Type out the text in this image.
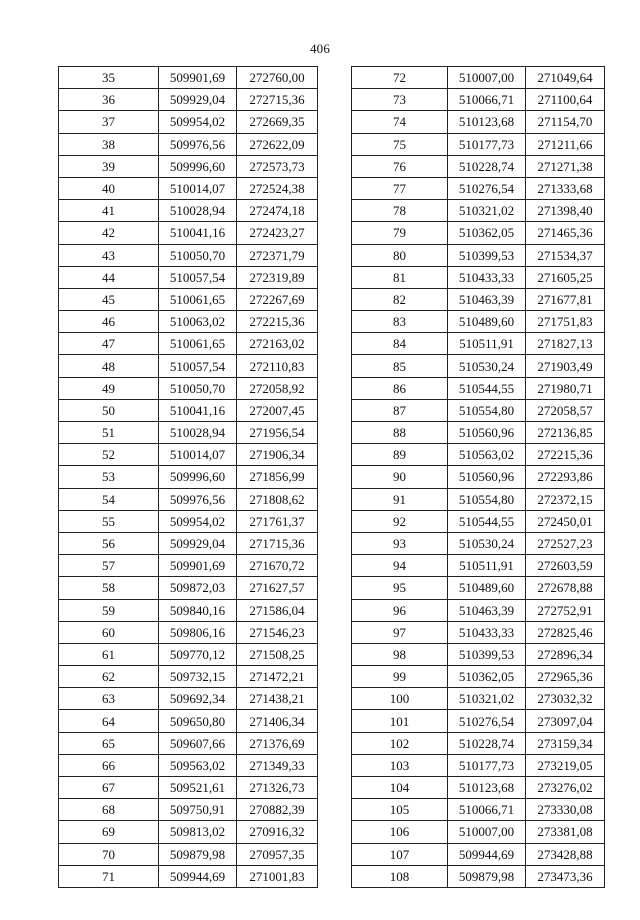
406
35	509901,69	272760,00
36	509929,04	272715,36
37	509954,02	272669,35
38	509976,56	272622,09
39	509996,60	272573,73
40	510014,07	272524,38
41	510028,94	272474,18
42	510041,16	272423,27
43	510050,70	272371,79
44	510057,54	272319,89
45	510061,65	272267,69
46	510063,02	272215,36
47	510061,65	272163,02
48	510057,54	272110,83
49	510050,70	272058,92
50	510041,16	272007,45
51	510028,94	271956,54
52	510014,07	271906,34
53	509996,60	271856,99
54	509976,56	271808,62
55	509954,02	271761,37
56	509929,04	271715,36
57	509901,69	271670,72
58	509872,03	271627,57
59	509840,16	271586,04
60	509806,16	271546,23
61	509770,12	271508,25
62	509732,15	271472,21
63	509692,34	271438,21
64	509650,80	271406,34
65	509607,66	271376,69
66	509563,02	271349,33
67	509521,61	271326,73
68	509750,91	270882,39
69	509813,02	270916,32
70	509879,98	270957,35
71	509944,69	271001,83
72	510007,00	271049,64
73	510066,71	271100,64
74	510123,68	271154,70
75	510177,73	271211,66
76	510228,74	271271,38
77	510276,54	271333,68
78	510321,02	271398,40
79	510362,05	271465,36
80	510399,53	271534,37
81	510433,33	271605,25
82	510463,39	271677,81
83	510489,60	271751,83
84	510511,91	271827,13
85	510530,24	271903,49
86	510544,55	271980,71
87	510554,80	272058,57
88	510560,96	272136,85
89	510563,02	272215,36
90	510560,96	272293,86
91	510554,80	272372,15
92	510544,55	272450,01
93	510530,24	272527,23
94	510511,91	272603,59
95	510489,60	272678,88
96	510463,39	272752,91
97	510433,33	272825,46
98	510399,53	272896,34
99	510362,05	272965,36
100	510321,02	273032,32
101	510276,54	273097,04
102	510228,74	273159,34
103	510177,73	273219,05
104	510123,68	273276,02
105	510066,71	273330,08
106	510007,00	273381,08
107	509944,69	273428,88
108	509879,98	273473,36
